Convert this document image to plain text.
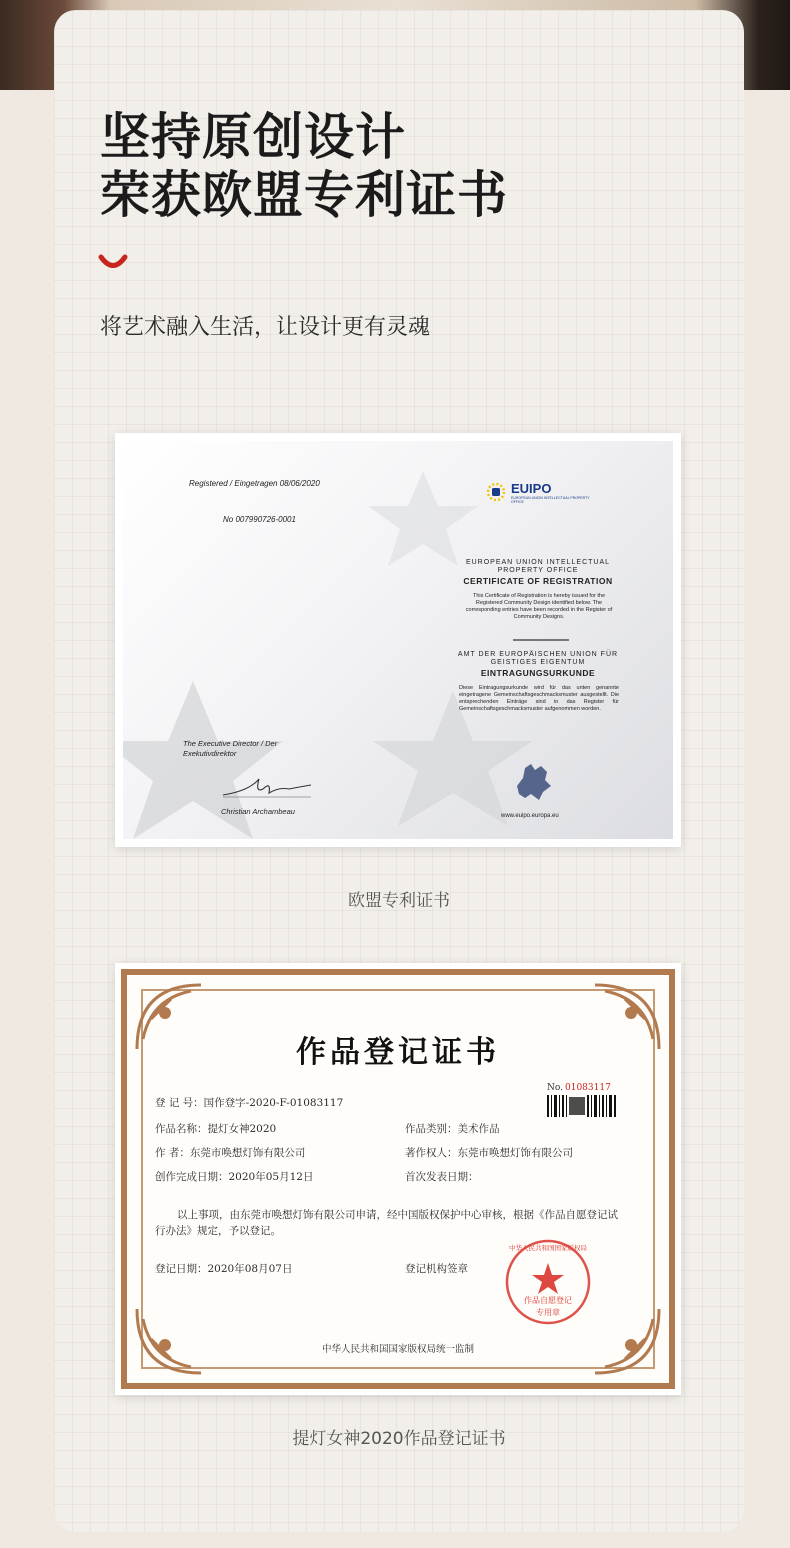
坚持原创设计
荣获欧盟专利证书
将艺术融入生活，让设计更有灵魂
Registered / Eingetragen 08/06/2020
No 007990726-0001
EUIPO
EUROPEAN UNION INTELLECTUAL PROPERTY OFFICE
EUROPEAN UNION INTELLECTUAL
PROPERTY OFFICE
CERTIFICATE OF REGISTRATION
This Certificate of Registration is hereby issued for the Registered Community Design identified below. The corresponding entries have been recorded in the Register of Community Designs.
AMT DER EUROPÄISCHEN UNION FÜR
GEISTIGES EIGENTUM
EINTRAGUNGSURKUNDE
Diese Eintragungsurkunde wird für das unten genannte eingetragene Gemeinschaftsgeschmacksmuster ausgestellt. Die entsprechenden Einträge sind in das Register für Gemeinschaftsgeschmacksmuster aufgenommen worden.
The Executive Director / Der Exekutivdirektor
Christian Archambeau	www.euipo.europa.eu
欧盟专利证书
作品登记证书
No. 01083117
登 记 号：国作登字-2020-F-01083117
作品名称：提灯女神2020	作品类别：美术作品
作 者：东莞市唤想灯饰有限公司	著作权人：东莞市唤想灯饰有限公司
创作完成日期：2020年05月12日	首次发表日期：
以上事项，由东莞市唤想灯饰有限公司申请，经中国版权保护中心审核，根据《作品自愿登记试行办法》规定，予以登记。
登记日期：2020年08月07日	登记机构签章
中华人民共和国国家版权局
作品自愿登记
专用章
中华人民共和国国家版权局统一监制
提灯女神2020作品登记证书
